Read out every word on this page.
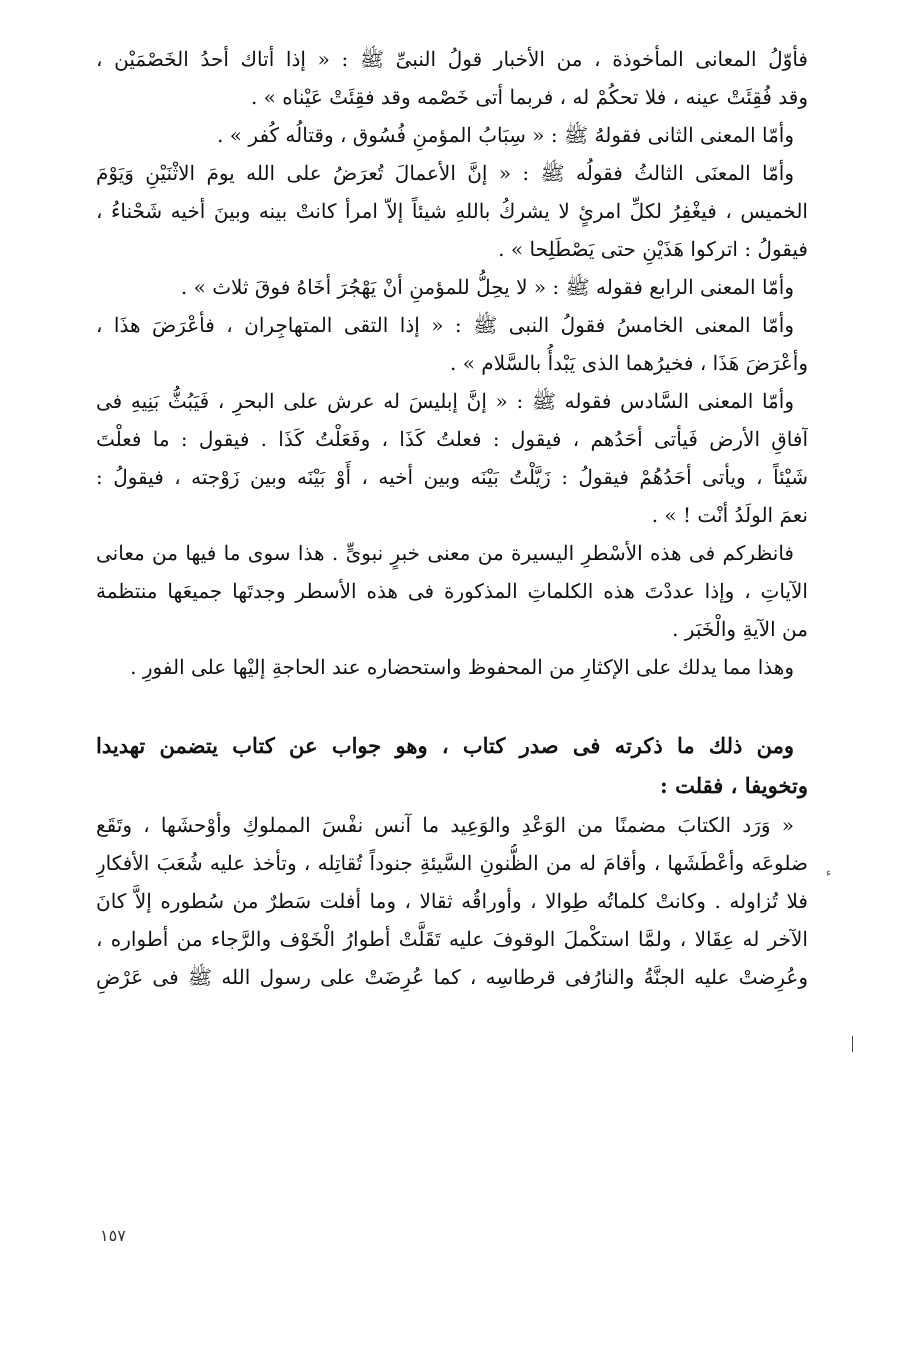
فأوّلُ المعانى المأخوذة ، من الأخبار قولُ النبىِّ ﷺ : « إذا أتاك أحدُ الخَصْمَيْن ،
وقد فُقِئَتْ عينه ، فلا تحكُمْ له ، فربما أتى خَصْمه وقد فقِئَتْ عَيْناه » .
وأمّا المعنى الثانى فقولهُ ﷺ : « سِبَابُ المؤمنِ فُسُوق ، وقتالُه كُفر » .
وأمّا المعنَى الثالثُ فقولُه ﷺ : « إنَّ الأعمالَ تُعرَضُ على الله يومَ الاثْنَيْنِ وَيَوْمَ
الخميس ، فيغْفِرُ لكلِّ امرئٍ لا يشركُ باللهِ شيئاً إلاّ امرأ كانتْ بينه وبينَ أخيه شَحْناءُ ،
فيقولُ : اتركوا هَذَيْنِ حتى يَصْطَلِحا » .
وأمّا المعنى الرابع فقوله ﷺ : « لا يحِلُّ للمؤمنِ أنْ يَهْجُرَ أخَاهُ فوقَ ثلاث » .
وأمّا المعنى الخامسُ فقولُ النبى ﷺ : « إذا التقى المتهاجِران ، فأعْرَضَ هذَا ،
وأعْرَضَ هَذَا ، فخيرُهما الذى يَبْدأُ بالسَّلام » .
وأمّا المعنى السَّادس فقوله ﷺ : « إنَّ إبليسَ له عرش على البحرِ ، فَيَبُثُّ بَنِيهِ فى
آفاقِ الأرض فَيأتى أحَدُهم ، فيقول : فعلتُ كَذَا ، وفَعَلْتُ كَذَا . فيقول : ما فعلْتَ
شَيْئاً ، ويأتى أحَدُهُمْ فيقولُ : زَيَّلْتُ بَيْنَه وبين أخيه ، أَوْ بَيْنَه وبين زَوْجته ، فيقولُ :
نعمَ الولَدُ أنْت ! » .
فانظركم فى هذه الأسْطرِ اليسيرة من معنى خبرٍ نبوىٍّ . هذا سوى ما فيها من معانى
الآياتِ ، وإذا عددْتَ هذه الكلماتِ المذكورة فى هذه الأسطر وجدتَها جميعَها منتظمة
من الآيةِ والْخَبَر .
وهذا مما يدلك على الإكثارِ من المحفوظ واستحضاره عند الحاجةِ إليْها على الفورِ .
ومن ذلك ما ذكرته فى صدر كتاب ، وهو جواب عن كتاب يتضمن تهديدا
وتخويفا ، فقلت :
« وَرَد الكتابَ مضمنًا من الوَعْدِ والوَعِيد ما آنس نفْسَ المملوكِ وأوْحشَها ، وتَقَع
ضلوعَه وأعْطَشَها ، وأقامَ له من الظُّنونِ السَّيئةِ جنوداً تُقاتِله ، وتأخذ عليه شُعَبَ الأفكارِ
فلا تُزاوله . وكانتْ كلماتُه طِوالا ، وأوراقُه ثقالا ، وما أفلت سَطرٌ من سُطوره إلاَّ كانَ
الآخر له عِقَالا ، ولمَّا استكْملَ الوقوفَ عليه تَقَلَّتْ أطوارُ الْخَوْف والرَّجاء من أطواره ،
وعُرِضتْ عليه الجنَّةُ والنارُفى قرطاسِه ، كما عُرِضَتْ على رسول الله ﷺ فى عَرْضِ
١٥٧
ء
